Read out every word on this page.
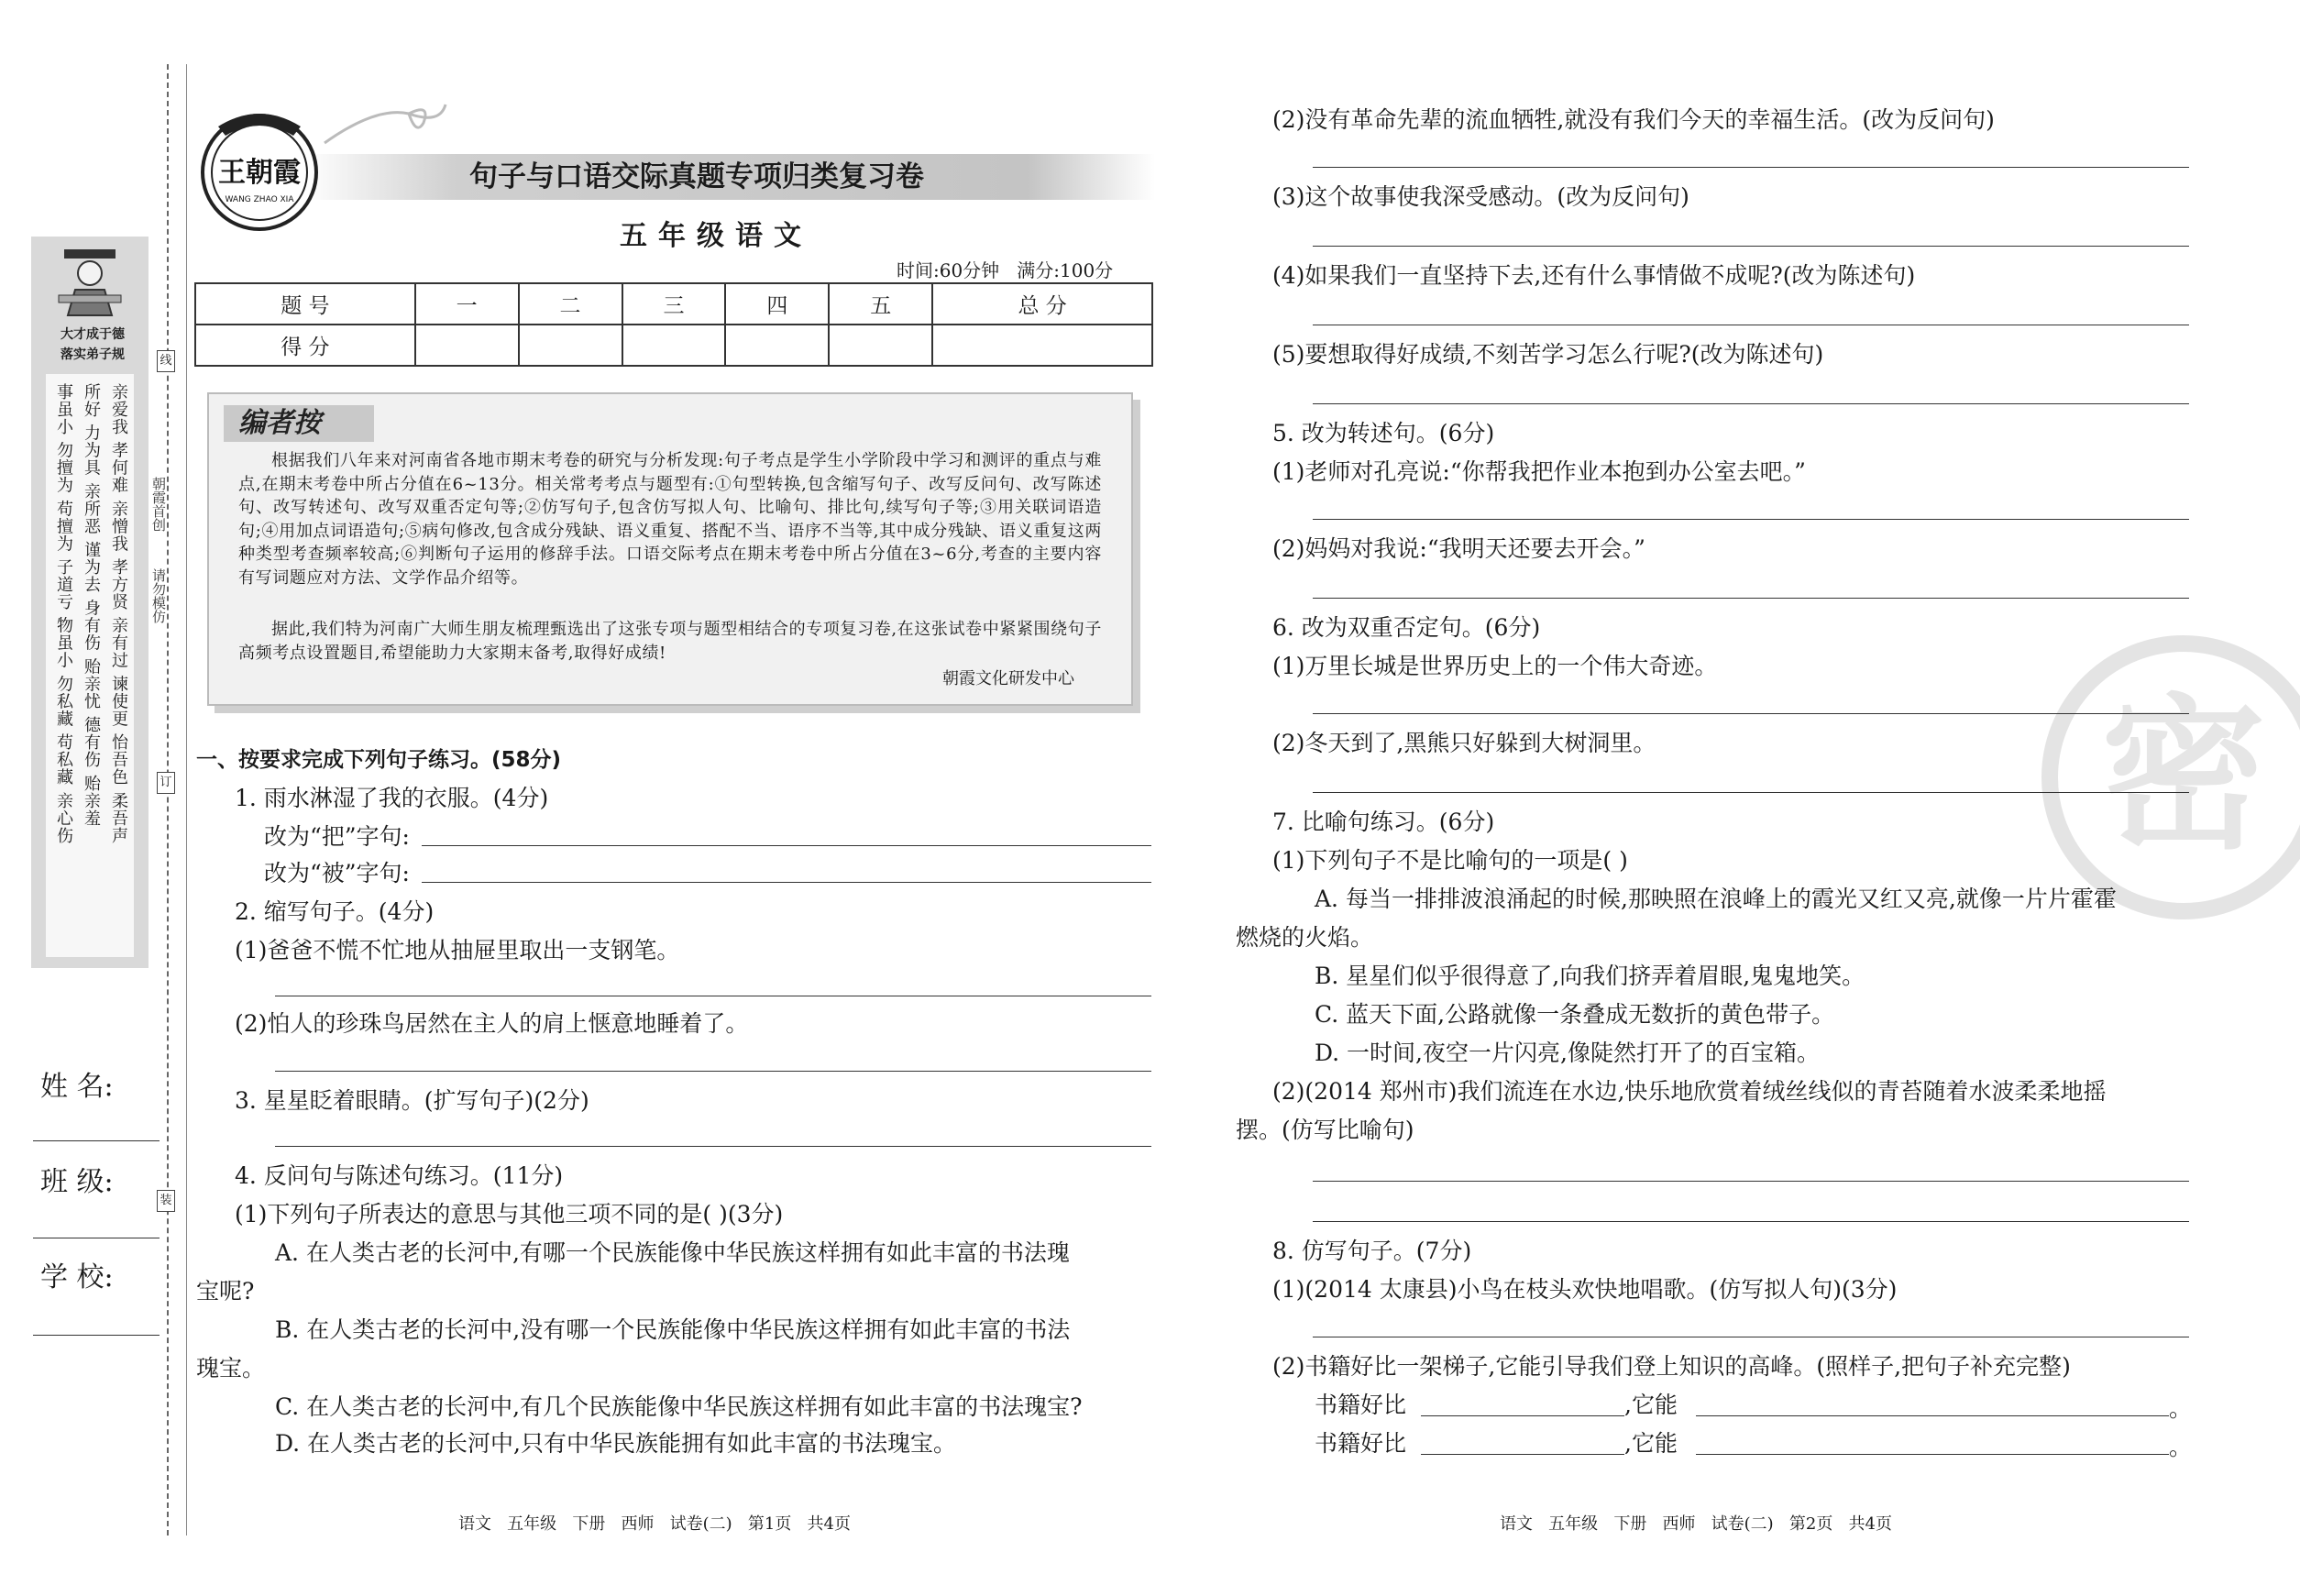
线
订
装
朝霞首创
请勿模仿
大才成于德
落实弟子规
亲爱我 孝何难 亲憎我 孝方贤 亲有过 谏使更 怡吾色 柔吾声
所好 力为具 亲所恶 谨为去 身有伤 贻亲忧 德有伤 贻亲羞
事虽小 勿擅为 苟擅为 子道亏 物虽小 勿私藏 苟私藏 亲心伤
姓 名:
班 级:
学 校:
王朝霞
WANG ZHAO XIA
句子与口语交际真题专项归类复习卷
五年级语文
时间:60分钟   满分:100分
题 号	一	二	三	四	五	总 分
得 分						
根据我们八年来对河南省各地市期末考卷的研究与分析发现:句子考点是学生小学阶段中学习和测评的重点与难点,在期末考卷中所占分值在6~13分。相关常考考点与题型有:①句型转换,包含缩写句子、改写反问句、改写陈述句、改写转述句、改写双重否定句等;②仿写句子,包含仿写拟人句、比喻句、排比句,续写句子等;③用关联词语造句;④用加点词语造句;⑤病句修改,包含成分残缺、语义重复、搭配不当、语序不当等,其中成分残缺、语义重复这两种类型考查频率较高;⑥判断句子运用的修辞手法。口语交际考点在期末考卷中所占分值在3~6分,考查的主要内容有写词题应对方法、文学作品介绍等。
据此,我们特为河南广大师生朋友梳理甄选出了这张专项与题型相结合的专项复习卷,在这张试卷中紧紧围绕句子高频考点设置题目,希望能助力大家期末备考,取得好成绩!
朝霞文化研发中心
编者按
一、按要求完成下列句子练习。(58分)
1. 雨水淋湿了我的衣服。(4分)
改为“把”字句:
改为“被”字句:
2. 缩写句子。(4分)
(1)爸爸不慌不忙地从抽屉里取出一支钢笔。
(2)怕人的珍珠鸟居然在主人的肩上惬意地睡着了。
3. 星星眨着眼睛。(扩写句子)(2分)
4. 反问句与陈述句练习。(11分)
(1)下列句子所表达的意思与其他三项不同的是( )(3分)
A. 在人类古老的长河中,有哪一个民族能像中华民族这样拥有如此丰富的书法瑰
宝呢?
B. 在人类古老的长河中,没有哪一个民族能像中华民族这样拥有如此丰富的书法
瑰宝。
C. 在人类古老的长河中,有几个民族能像中华民族这样拥有如此丰富的书法瑰宝?
D. 在人类古老的长河中,只有中华民族能拥有如此丰富的书法瑰宝。
语文   五年级   下册   西师   试卷(二)   第1页   共4页
密
(2)没有革命先辈的流血牺牲,就没有我们今天的幸福生活。(改为反问句)
(3)这个故事使我深受感动。(改为反问句)
(4)如果我们一直坚持下去,还有什么事情做不成呢?(改为陈述句)
(5)要想取得好成绩,不刻苦学习怎么行呢?(改为陈述句)
5. 改为转述句。(6分)
(1)老师对孔亮说:“你帮我把作业本抱到办公室去吧。”
(2)妈妈对我说:“我明天还要去开会。”
6. 改为双重否定句。(6分)
(1)万里长城是世界历史上的一个伟大奇迹。
(2)冬天到了,黑熊只好躲到大树洞里。
7. 比喻句练习。(6分)
(1)下列句子不是比喻句的一项是( )
A. 每当一排排波浪涌起的时候,那映照在浪峰上的霞光又红又亮,就像一片片霍霍
燃烧的火焰。
B. 星星们似乎很得意了,向我们挤弄着眉眼,鬼鬼地笑。
C. 蓝天下面,公路就像一条叠成无数折的黄色带子。
D. 一时间,夜空一片闪亮,像陡然打开了的百宝箱。
(2)(2014 郑州市)我们流连在水边,快乐地欣赏着绒丝线似的青苔随着水波柔柔地摇
摆。(仿写比喻句)
8. 仿写句子。(7分)
(1)(2014 太康县)小鸟在枝头欢快地唱歌。(仿写拟人句)(3分)
(2)书籍好比一架梯子,它能引导我们登上知识的高峰。(照样子,把句子补充完整)
书籍好比	,它能	。
书籍好比	,它能	。
语文   五年级   下册   西师   试卷(二)   第2页   共4页
